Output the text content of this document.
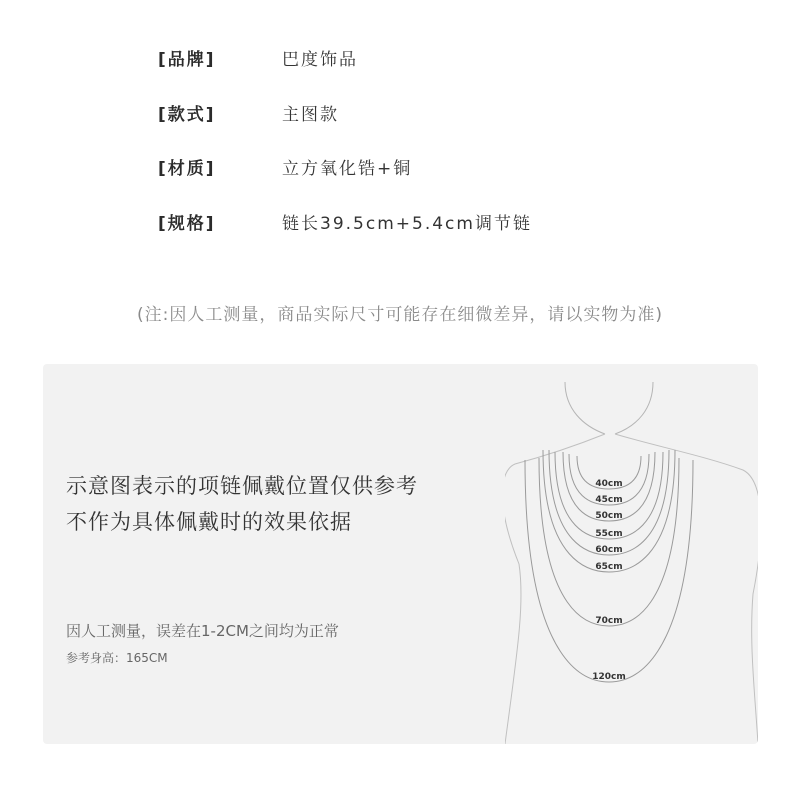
[品牌]	巴度饰品
[款式]	主图款
[材质]	立方氧化锆+铜
[规格]	链长39.5cm+5.4cm调节链
(注:因人工测量，商品实际尺寸可能存在细微差异，请以实物为准)
示意图表示的项链佩戴位置仅供参考
不作为具体佩戴时的效果依据
因人工测量，误差在1-2CM之间均为正常
参考身高：165CM
40cm
45cm
50cm
55cm
60cm
65cm
70cm
120cm
